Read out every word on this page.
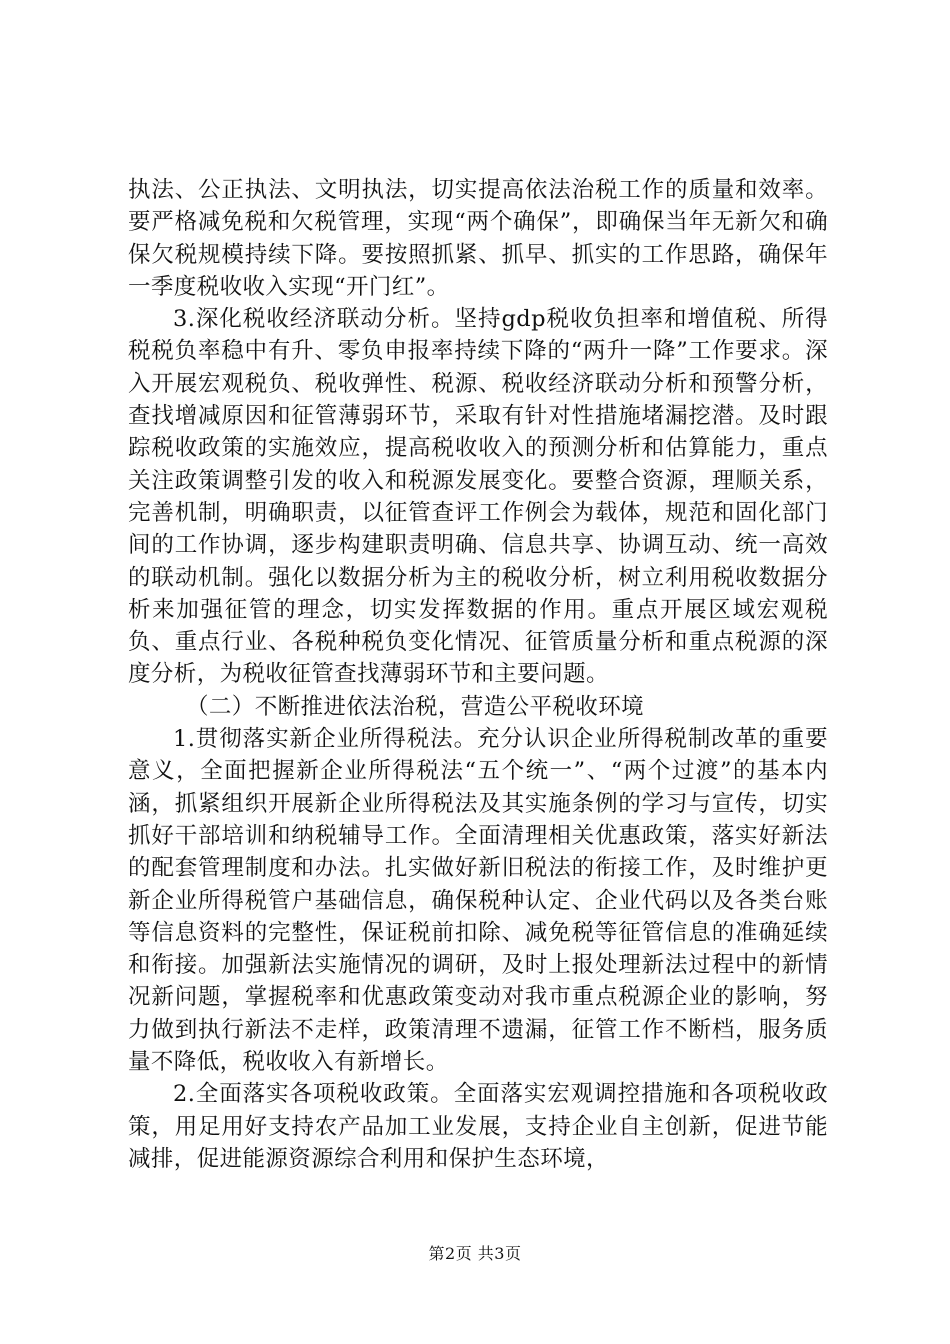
执法、公正执法、文明执法，切实提高依法治税工作的质量和效率。要严格减免税和欠税管理，实现“两个确保”，即确保当年无新欠和确保欠税规模持续下降。要按照抓紧、抓早、抓实的工作思路，确保年一季度税收收入实现“开门红”。

3.深化税收经济联动分析。坚持gdp税收负担率和增值税、所得税税负率稳中有升、零负申报率持续下降的“两升一降”工作要求。深入开展宏观税负、税收弹性、税源、税收经济联动分析和预警分析，查找增减原因和征管薄弱环节，采取有针对性措施堵漏挖潜。及时跟踪税收政策的实施效应，提高税收收入的预测分析和估算能力，重点关注政策调整引发的收入和税源发展变化。要整合资源，理顺关系，完善机制，明确职责，以征管查评工作例会为载体，规范和固化部门间的工作协调，逐步构建职责明确、信息共享、协调互动、统一高效的联动机制。强化以数据分析为主的税收分析，树立利用税收数据分析来加强征管的理念，切实发挥数据的作用。重点开展区域宏观税负、重点行业、各税种税负变化情况、征管质量分析和重点税源的深度分析，为税收征管查找薄弱环节和主要问题。

（二）不断推进依法治税，营造公平税收环境

1.贯彻落实新企业所得税法。充分认识企业所得税制改革的重要意义，全面把握新企业所得税法“五个统一”、“两个过渡”的基本内涵，抓紧组织开展新企业所得税法及其实施条例的学习与宣传，切实抓好干部培训和纳税辅导工作。全面清理相关优惠政策，落实好新法的配套管理制度和办法。扎实做好新旧税法的衔接工作，及时维护更新企业所得税管户基础信息，确保税种认定、企业代码以及各类台账等信息资料的完整性，保证税前扣除、减免税等征管信息的准确延续和衔接。加强新法实施情况的调研，及时上报处理新法过程中的新情况新问题，掌握税率和优惠政策变动对我市重点税源企业的影响，努力做到执行新法不走样，政策清理不遗漏，征管工作不断档，服务质量不降低，税收收入有新增长。

2.全面落实各项税收政策。全面落实宏观调控措施和各项税收政策，用足用好支持农产品加工业发展，支持企业自主创新，促进节能减排，促进能源资源综合利用和保护生态环境，

第2页 共3页
